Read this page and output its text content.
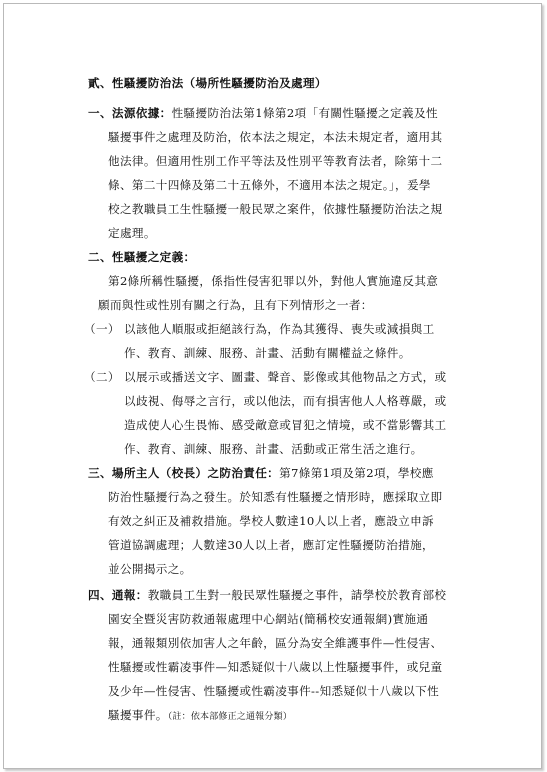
貳、性騷擾防治法（場所性騷擾防治及處理）
一、法源依據：性騷擾防治法第1條第2項「有關性騷擾之定義及性
騷擾事件之處理及防治，依本法之規定，本法未規定者，適用其
他法律。但適用性別工作平等法及性別平等教育法者，除第十二
條、第二十四條及第二十五條外，不適用本法之規定。」，爰學
校之教職員工生性騷擾一般民眾之案件，依據性騷擾防治法之規
定處理。
二、性騷擾之定義：
第2條所稱性騷擾，係指性侵害犯罪以外，對他人實施違反其意
願而與性或性別有關之行為，且有下列情形之一者：
（一） 以該他人順服或拒絕該行為，作為其獲得、喪失或減損與工
作、教育、訓練、服務、計畫、活動有關權益之條件。
（二） 以展示或播送文字、圖畫、聲音、影像或其他物品之方式，或
以歧視、侮辱之言行，或以他法，而有損害他人人格尊嚴，或
造成使人心生畏怖、感受敵意或冒犯之情境，或不當影響其工
作、教育、訓練、服務、計畫、活動或正常生活之進行。
三、場所主人（校長）之防治責任：第7條第1項及第2項，學校應
防治性騷擾行為之發生。於知悉有性騷擾之情形時，應採取立即
有效之糾正及補救措施。學校人數達10人以上者，應設立申訴
管道協調處理；人數達30人以上者，應訂定性騷擾防治措施，
並公開揭示之。
四、通報：教職員工生對一般民眾性騷擾之事件，請學校於教育部校
園安全暨災害防救通報處理中心網站(簡稱校安通報網)實施通
報，通報類別依加害人之年齡，區分為安全維護事件—性侵害、
性騷擾或性霸凌事件—知悉疑似十八歲以上性騷擾事件，或兒童
及少年—性侵害、性騷擾或性霸凌事件--知悉疑似十八歲以下性
騷擾事件。（註：依本部修正之通報分類）
